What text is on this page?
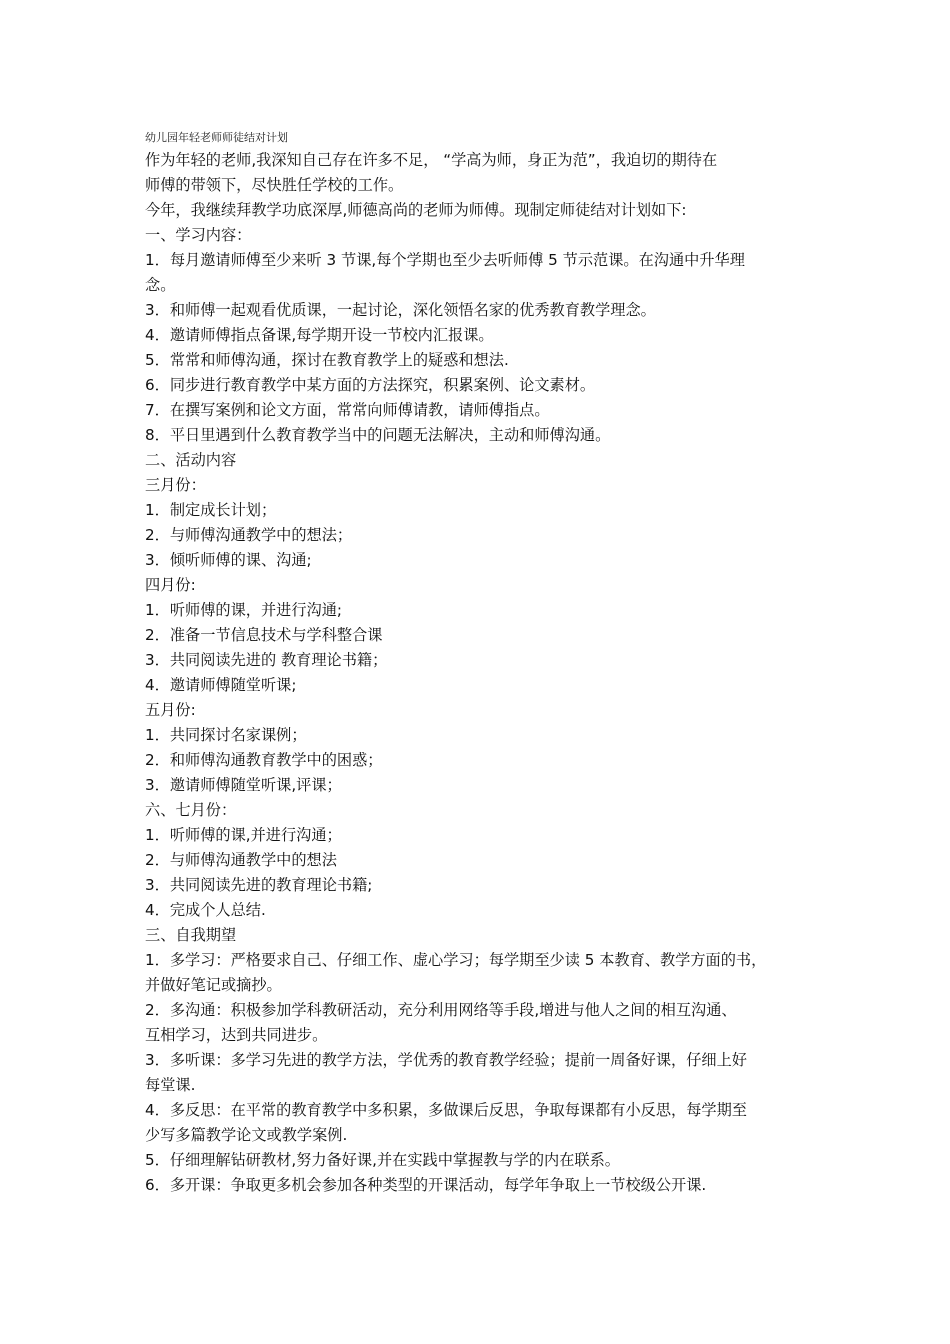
幼儿园年轻老师师徒结对计划
作为年轻的老师,我深知自己存在许多不足， “学高为师，身正为范”，我迫切的期待在
师傅的带领下，尽快胜任学校的工作。
今年，我继续拜教学功底深厚,师德高尚的老师为师傅。现制定师徒结对计划如下:
一、学习内容：
1．每月邀请师傅至少来听 3 节课,每个学期也至少去听师傅 5 节示范课。在沟通中升华理
念。
3．和师傅一起观看优质课，一起讨论，深化领悟名家的优秀教育教学理念。
4．邀请师傅指点备课,每学期开设一节校内汇报课。
5．常常和师傅沟通，探讨在教育教学上的疑惑和想法.
6．同步进行教育教学中某方面的方法探究，积累案例、论文素材。
7．在撰写案例和论文方面，常常向师傅请教，请师傅指点。
8．平日里遇到什么教育教学当中的问题无法解决，主动和师傅沟通。
二、活动内容
三月份：
1．制定成长计划；
2．与师傅沟通教学中的想法；
3．倾听师傅的课、沟通;
四月份:
1．听师傅的课，并进行沟通;
2．准备一节信息技术与学科整合课
3．共同阅读先进的 教育理论书籍；
4．邀请师傅随堂听课;
五月份:
1．共同探讨名家课例；
2．和师傅沟通教育教学中的困惑；
3．邀请师傅随堂听课,评课；
六、七月份：
1．听师傅的课,并进行沟通；
2．与师傅沟通教学中的想法
3．共同阅读先进的教育理论书籍;
4．完成个人总结.
三、自我期望
1．多学习：严格要求自己、仔细工作、虚心学习；每学期至少读 5 本教育、教学方面的书，
并做好笔记或摘抄。
2．多沟通：积极参加学科教研活动，充分利用网络等手段,增进与他人之间的相互沟通、
互相学习，达到共同进步。
3．多听课：多学习先进的教学方法，学优秀的教育教学经验；提前一周备好课，仔细上好
每堂课.
4．多反思：在平常的教育教学中多积累，多做课后反思，争取每课都有小反思，每学期至
少写多篇教学论文或教学案例.
5．仔细理解钻研教材,努力备好课,并在实践中掌握教与学的内在联系。
6．多开课：争取更多机会参加各种类型的开课活动，每学年争取上一节校级公开课.
